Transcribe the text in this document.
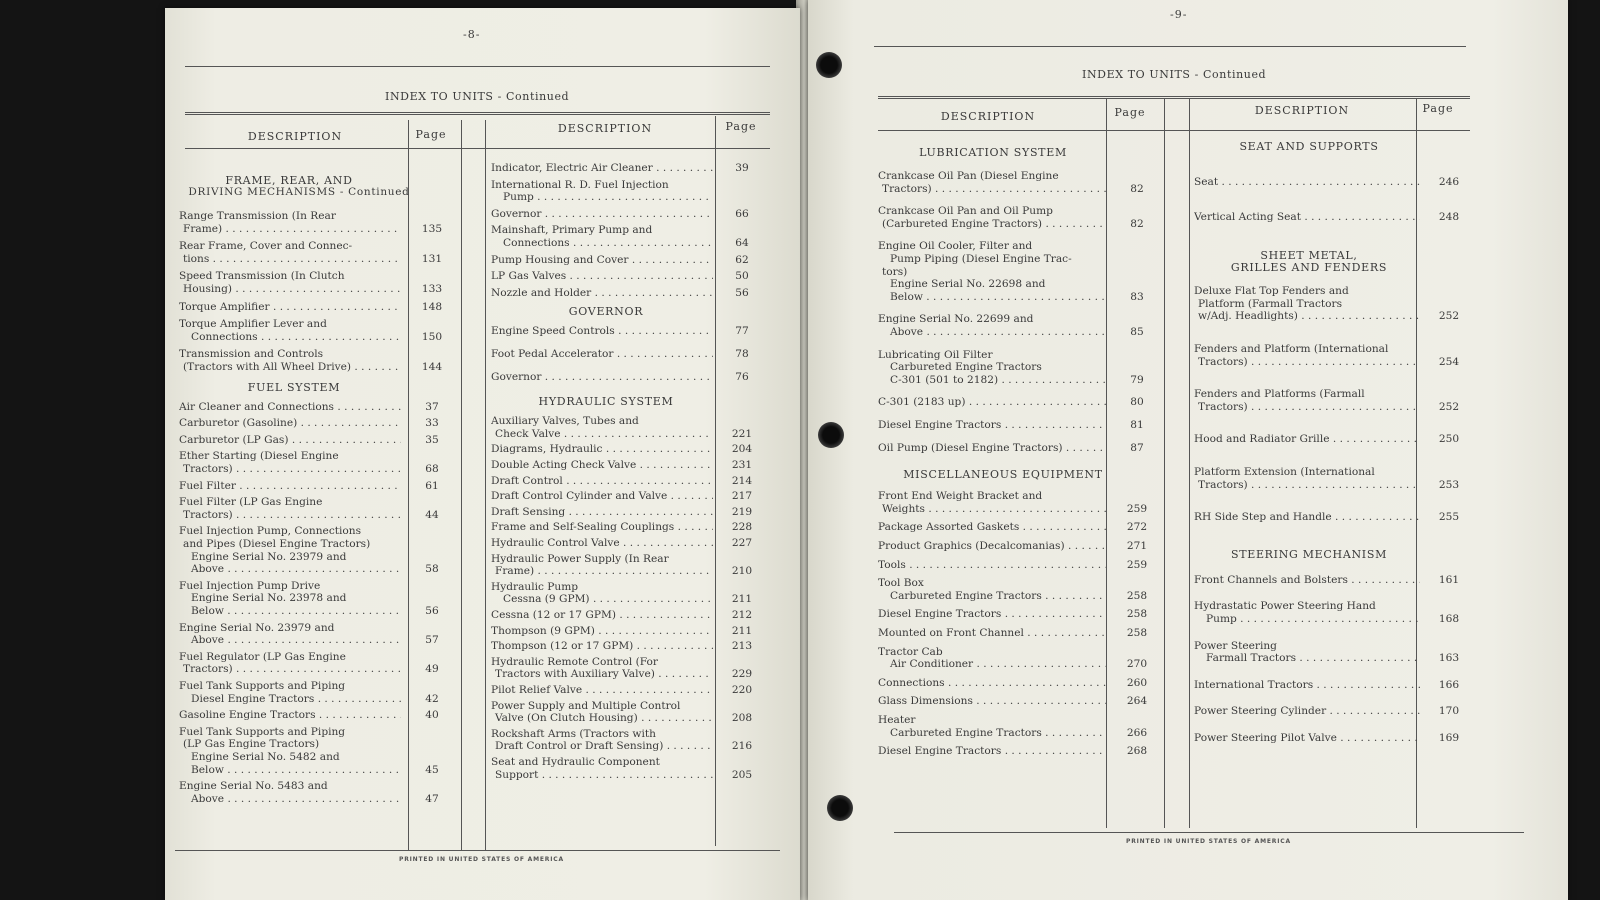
-8-
INDEX TO UNITS - Continued
DESCRIPTION	Page	DESCRIPTION	Page
FRAME, REAR, AND
DRIVING MECHANISMS - Continued
Range Transmission (In Rear
Frame) . . .	135
Rear Frame, Cover and Connec-
tions . . .	131
Speed Transmission (In Clutch
Housing) . . .	133
Torque Amplifier . . .	148
Torque Amplifier Lever and
Connections . . .	150
Transmission and Controls
(Tractors with All Wheel Drive) . . .	144
FUEL SYSTEM
Air Cleaner and Connections . . .	37
Carburetor (Gasoline) . . .	33
Carburetor (LP Gas) . . .	35
Ether Starting (Diesel Engine
Tractors) . . .	68
Fuel Filter . . .	61
Fuel Filter (LP Gas Engine
Tractors) . . .	44
Fuel Injection Pump, Connections
and Pipes (Diesel Engine Tractors)
Engine Serial No. 23979 and
Above . . .	58
Fuel Injection Pump Drive
Engine Serial No. 23978 and
Below . . .	56
Engine Serial No. 23979 and
Above . . .	57
Fuel Regulator (LP Gas Engine
Tractors) . . .	49
Fuel Tank Supports and Piping
Diesel Engine Tractors . . .	42
Gasoline Engine Tractors . . .	40
Fuel Tank Supports and Piping
(LP Gas Engine Tractors)
Engine Serial No. 5482 and
Below . . .	45
Engine Serial No. 5483 and
Above . . .	47
Indicator, Electric Air Cleaner . . .	39
International R. D. Fuel Injection
Pump . . .
Governor . . .	66
Mainshaft, Primary Pump and
Connections . . .	64
Pump Housing and Cover . . .	62
LP Gas Valves . . .	50
Nozzle and Holder . . .	56
GOVERNOR
Engine Speed Controls . . .	77
Foot Pedal Accelerator . . .	78
Governor . . .	76
HYDRAULIC SYSTEM
Auxiliary Valves, Tubes and
Check Valve . . .	221
Diagrams, Hydraulic . . .	204
Double Acting Check Valve . . .	231
Draft Control . . .	214
Draft Control Cylinder and Valve . . .	217
Draft Sensing . . .	219
Frame and Self-Sealing Couplings . . .	228
Hydraulic Control Valve . . .	227
Hydraulic Power Supply (In Rear
Frame) . . .	210
Hydraulic Pump
Cessna (9 GPM) . . .	211
Cessna (12 or 17 GPM) . . .	212
Thompson (9 GPM) . . .	211
Thompson (12 or 17 GPM) . . .	213
Hydraulic Remote Control (For
Tractors with Auxiliary Valve) . . .	229
Pilot Relief Valve . . .	220
Power Supply and Multiple Control
Valve (On Clutch Housing) . . .	208
Rockshaft Arms (Tractors with
Draft Control or Draft Sensing) . . .	216
Seat and Hydraulic Component
Support . . .	205
PRINTED IN UNITED STATES OF AMERICA
-9-
INDEX TO UNITS - Continued
DESCRIPTION	Page	DESCRIPTION	Page
LUBRICATION SYSTEM
Crankcase Oil Pan (Diesel Engine
Tractors) . . .	82
Crankcase Oil Pan and Oil Pump
(Carbureted Engine Tractors) . . .	82
Engine Oil Cooler, Filter and
Pump Piping (Diesel Engine Trac-
tors)
Engine Serial No. 22698 and
Below . . .	83
Engine Serial No. 22699 and
Above . . .	85
Lubricating Oil Filter
Carbureted Engine Tractors
C-301 (501 to 2182) . . .	79
C-301 (2183 up) . . .	80
Diesel Engine Tractors . . .	81
Oil Pump (Diesel Engine Tractors) . . .	87
MISCELLANEOUS EQUIPMENT
Front End Weight Bracket and
Weights . . .	259
Package Assorted Gaskets . . .	272
Product Graphics (Decalcomanias) . . .	271
Tools . . .	259
Tool Box
Carbureted Engine Tractors . . .	258
Diesel Engine Tractors . . .	258
Mounted on Front Channel . . .	258
Tractor Cab
Air Conditioner . . .	270
Connections . . .	260
Glass Dimensions . . .	264
Heater
Carbureted Engine Tractors . . .	266
Diesel Engine Tractors . . .	268
SEAT AND SUPPORTS
Seat . . .	246
Vertical Acting Seat . . .	248
SHEET METAL,
GRILLES AND FENDERS
Deluxe Flat Top Fenders and
Platform (Farmall Tractors
w/Adj. Headlights) . . .	252
Fenders and Platform (International
Tractors) . . .	254
Fenders and Platforms (Farmall
Tractors) . . .	252
Hood and Radiator Grille . . .	250
Platform Extension (International
Tractors) . . .	253
RH Side Step and Handle . . .	255
STEERING MECHANISM
Front Channels and Bolsters . . .	161
Hydrastatic Power Steering Hand
Pump . . .	168
Power Steering
Farmall Tractors . . .	163
International Tractors . . .	166
Power Steering Cylinder . . .	170
Power Steering Pilot Valve . . .	169
PRINTED IN UNITED STATES OF AMERICA
